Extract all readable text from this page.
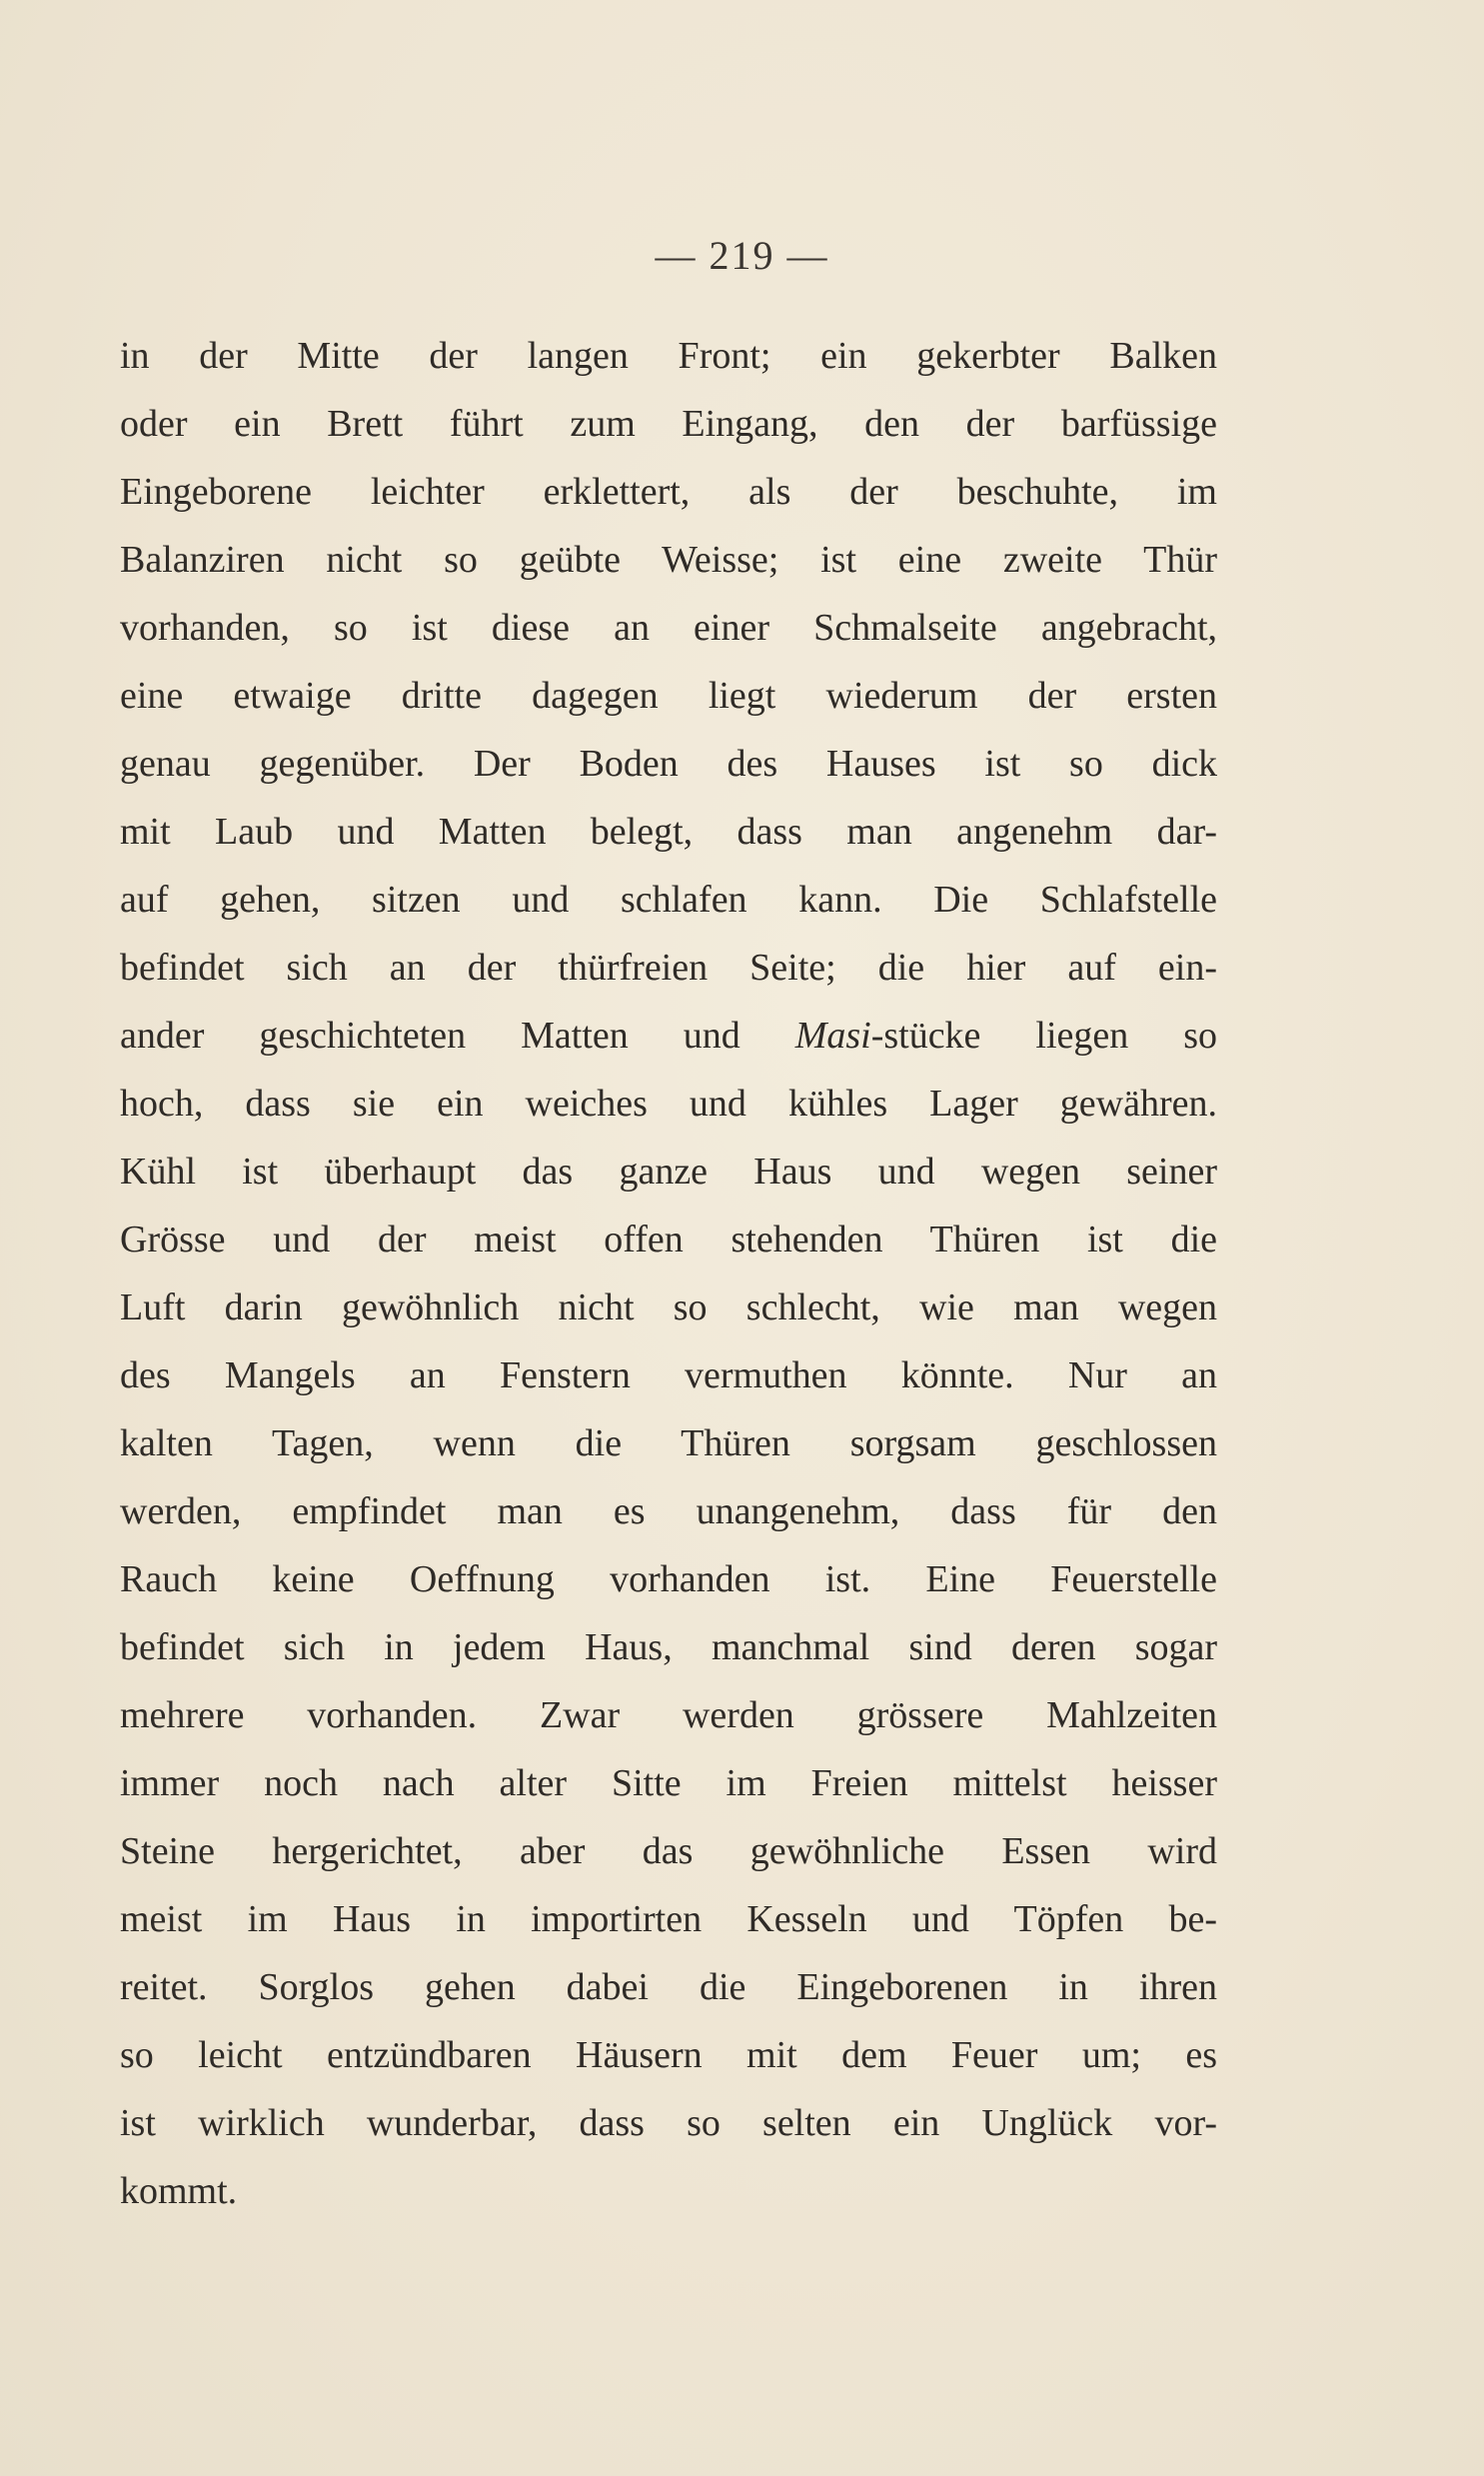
— 219 —
in der Mitte der langen Front; ein gekerbter Balken
oder ein Brett führt zum Eingang, den der barfüssige
Eingeborene leichter erklettert, als der beschuhte, im
Balanziren nicht so geübte Weisse; ist eine zweite Thür
vorhanden, so ist diese an einer Schmalseite angebracht,
eine etwaige dritte dagegen liegt wiederum der ersten
genau gegenüber. Der Boden des Hauses ist so dick
mit Laub und Matten belegt, dass man angenehm dar-
auf gehen, sitzen und schlafen kann. Die Schlafstelle
befindet sich an der thürfreien Seite; die hier auf ein-
ander geschichteten Matten und Masi-stücke liegen so
hoch, dass sie ein weiches und kühles Lager gewähren.
Kühl ist überhaupt das ganze Haus und wegen seiner
Grösse und der meist offen stehenden Thüren ist die
Luft darin gewöhnlich nicht so schlecht, wie man wegen
des Mangels an Fenstern vermuthen könnte. Nur an
kalten Tagen, wenn die Thüren sorgsam geschlossen
werden, empfindet man es unangenehm, dass für den
Rauch keine Oeffnung vorhanden ist. Eine Feuerstelle
befindet sich in jedem Haus, manchmal sind deren sogar
mehrere vorhanden. Zwar werden grössere Mahlzeiten
immer noch nach alter Sitte im Freien mittelst heisser
Steine hergerichtet, aber das gewöhnliche Essen wird
meist im Haus in importirten Kesseln und Töpfen be-
reitet. Sorglos gehen dabei die Eingeborenen in ihren
so leicht entzündbaren Häusern mit dem Feuer um; es
ist wirklich wunderbar, dass so selten ein Unglück vor-
kommt.
